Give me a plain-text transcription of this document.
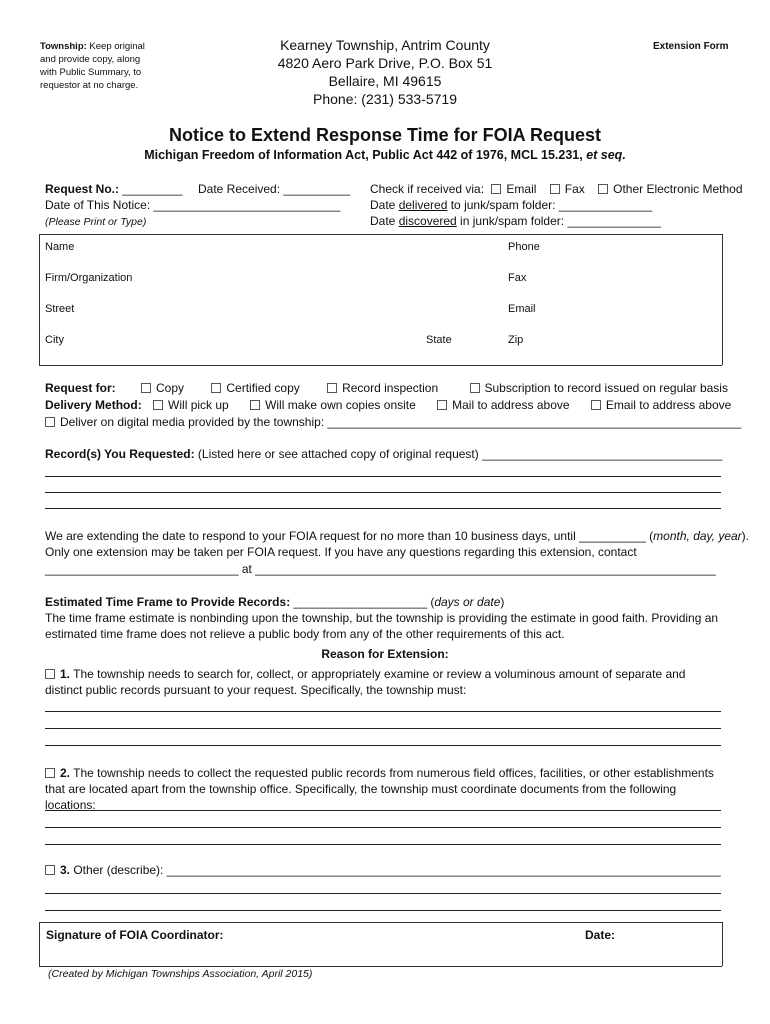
Township: Keep original and provide copy, along with Public Summary, to requestor at no charge.
Kearney Township, Antrim County
4820 Aero Park Drive, P.O. Box 51
Bellaire, MI 49615
Phone: (231) 533-5719
Extension Form
Notice to Extend Response Time for FOIA Request
Michigan Freedom of Information Act, Public Act 442 of 1976, MCL 15.231, et seq.
Request No.: _________ Date Received: __________
Date of This Notice: ____________________________
(Please Print or Type)
Check if received via: Email Fax Other Electronic Method
Date delivered to junk/spam folder: ______________
Date discovered in junk/spam folder: ______________
Name	Phone
Firm/Organization	Fax
Street	Email
City	State	Zip
Request for:	Copy	Certified copy	Record inspection	Subscription to record issued on regular basis
Delivery Method: Will pick up	Will make own copies onsite	Mail to address above	Email to address above
Deliver on digital media provided by the township: ______________________________________________________________
Record(s) You Requested: (Listed here or see attached copy of original request) ____________________________________
We are extending the date to respond to your FOIA request for no more than 10 business days, until __________ (month, day, year).
Only one extension may be taken per FOIA request. If you have any questions regarding this extension, contact
_____________________________ at _____________________________________________________________________
Estimated Time Frame to Provide Records: ____________________ (days or date)
The time frame estimate is nonbinding upon the township, but the township is providing the estimate in good faith. Providing an estimated time frame does not relieve a public body from any of the other requirements of this act.
Reason for Extension:
1. The township needs to search for, collect, or appropriately examine or review a voluminous amount of separate and distinct public records pursuant to your request. Specifically, the township must:
2. The township needs to collect the requested public records from numerous field offices, facilities, or other establishments that are located apart from the township office. Specifically, the township must coordinate documents from the following locations:
3. Other (describe): ___________________________________________________________________________________
Signature of FOIA Coordinator:	Date:
(Created by Michigan Townships Association, April 2015)
